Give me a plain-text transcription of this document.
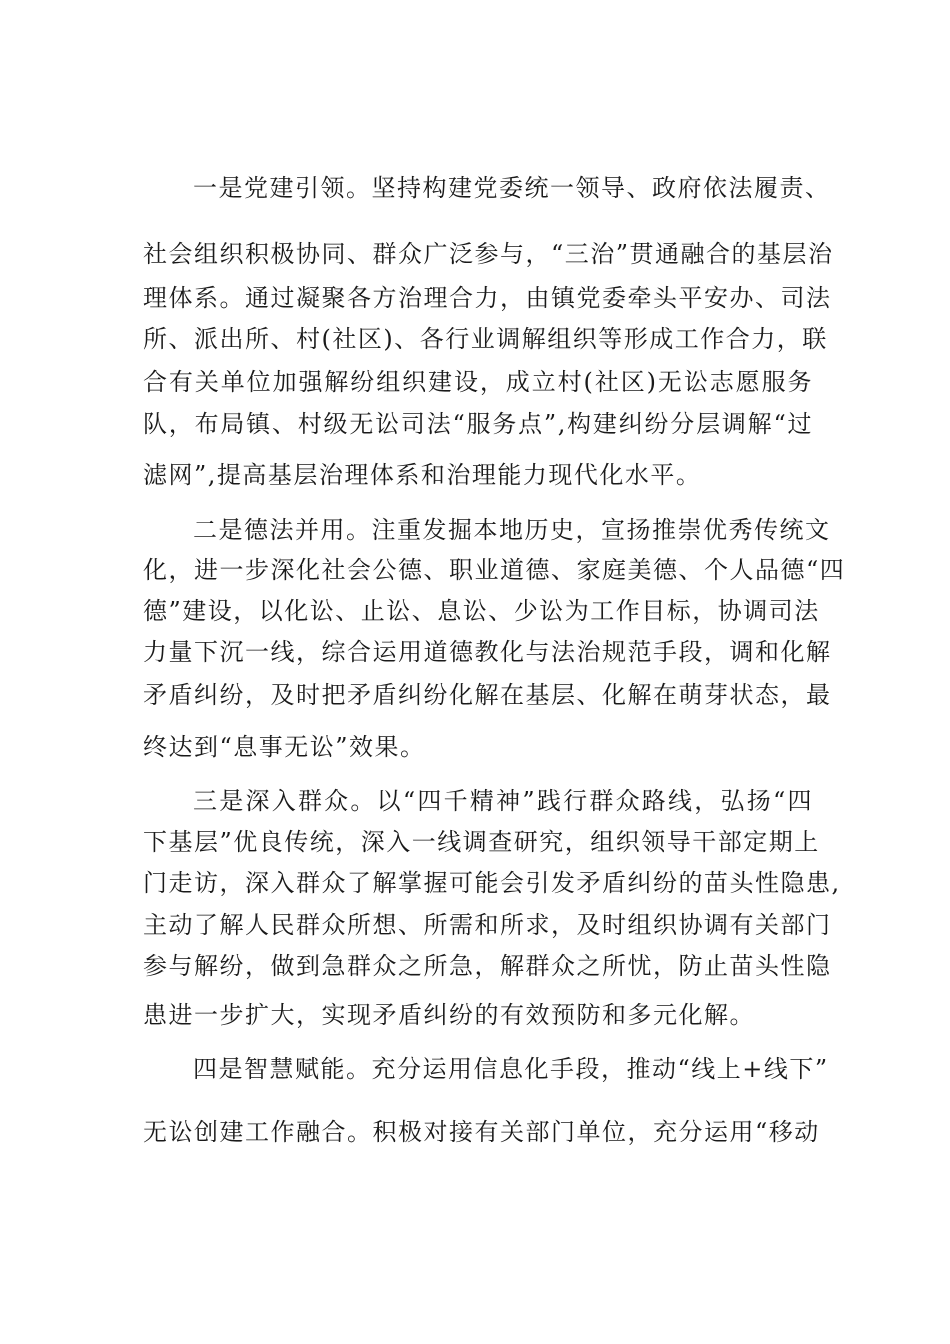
一是党建引领。坚持构建党委统一领导、政府依法履责、
社会组织积极协同、群众广泛参与，“三治”贯通融合的基层治
理体系。通过凝聚各方治理合力，由镇党委牵头平安办、司法
所、派出所、村(社区)、各行业调解组织等形成工作合力，联
合有关单位加强解纷组织建设，成立村(社区)无讼志愿服务
队，布局镇、村级无讼司法“服务点”,构建纠纷分层调解“过
滤网”,提高基层治理体系和治理能力现代化水平。
二是德法并用。注重发掘本地历史，宣扬推崇优秀传统文
化，进一步深化社会公德、职业道德、家庭美德、个人品德“四
德”建设，以化讼、止讼、息讼、少讼为工作目标，协调司法
力量下沉一线，综合运用道德教化与法治规范手段，调和化解
矛盾纠纷，及时把矛盾纠纷化解在基层、化解在萌芽状态，最
终达到“息事无讼”效果。
三是深入群众。以“四千精神”践行群众路线，弘扬“四
下基层”优良传统，深入一线调查研究，组织领导干部定期上
门走访，深入群众了解掌握可能会引发矛盾纠纷的苗头性隐患,
主动了解人民群众所想、所需和所求，及时组织协调有关部门
参与解纷，做到急群众之所急，解群众之所忧，防止苗头性隐
患进一步扩大，实现矛盾纠纷的有效预防和多元化解。
四是智慧赋能。充分运用信息化手段，推动“线上+线下”
无讼创建工作融合。积极对接有关部门单位，充分运用“移动
